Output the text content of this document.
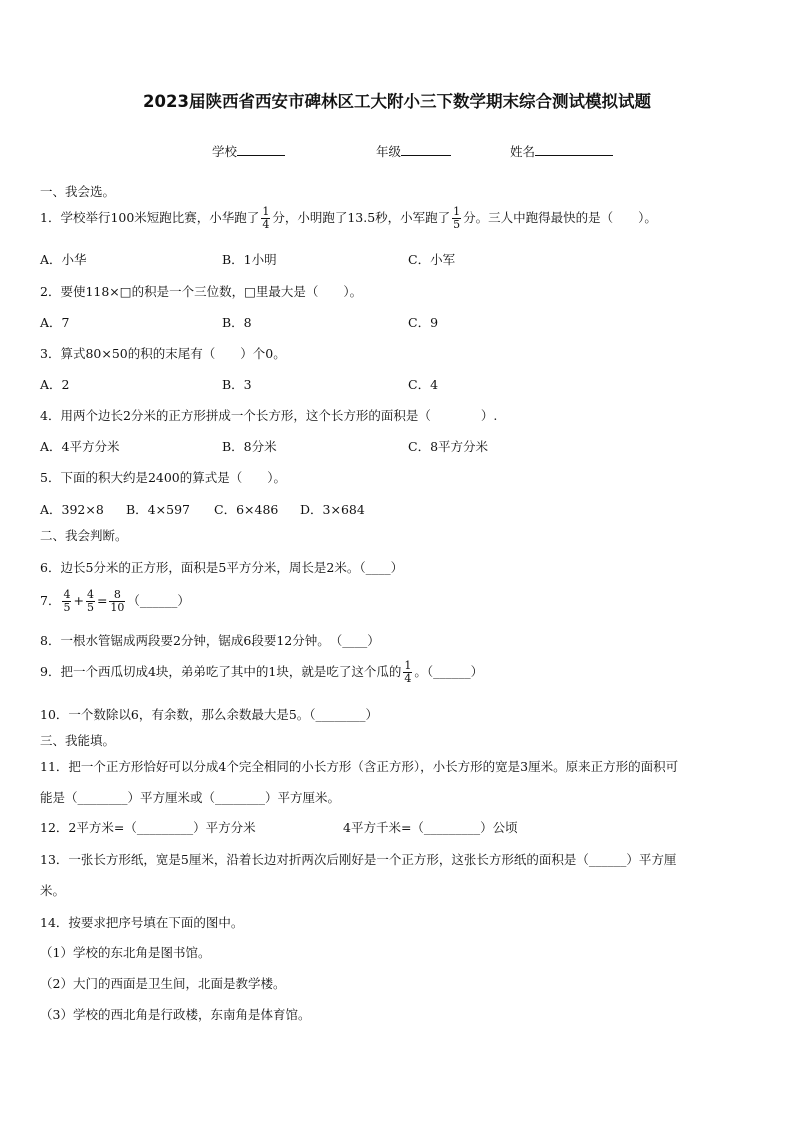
2023届陕西省西安市碑林区工大附小三下数学期末综合测试模拟试题
学校	年级	姓名
一、我会选。
1．学校举行100米短跑比赛，小华跑了 $\frac{1}{4}$ 分，小明跑了13.5秒，小军跑了 $\frac{1}{5}$ 分。三人中跑得最快的是（　　）。
A．小华	B．1小明	C．小军
2．要使118×□的积是一个三位数，□里最大是（　　）。
A．7	B．8	C．9
3．算式80×50的积的末尾有（　　）个0。
A．2	B．3	C．4
4．用两个边长2分米的正方形拼成一个长方形，这个长方形的面积是（　　　　）.
A．4平方分米	B．8分米	C．8平方分米
5．下面的积大约是2400的算式是（　　）。
A．392×8 B．4×597 C．6×486 D．3×684
二、我会判断。
6．边长5分米的正方形，面积是5平方分米，周长是2米。（____）
7． $\frac{4}{5} + \frac{4}{5} = \frac{8}{10}$ （______）
8．一根水管锯成两段要2分钟，锯成6段要12分钟。　（____）
9．把一个西瓜切成4块，弟弟吃了其中的1块，就是吃了这个瓜的 $\frac{1}{4}$ 。（______）
10．一个数除以6，有余数，那么余数最大是5。（________）
三、我能填。
11．把一个正方形恰好可以分成4个完全相同的小长方形（含正方形），小长方形的宽是3厘米。原来正方形的面积可
能是（________）平方厘米或（________）平方厘米。
12．2平方米=（_________）平方分米	4平方千米=（_________）公顷
13．一张长方形纸，宽是5厘米，沿着长边对折两次后刚好是一个正方形，这张长方形纸的面积是（______）平方厘
米。
14．按要求把序号填在下面的图中。
（1）学校的东北角是图书馆。
（2）大门的西面是卫生间，北面是教学楼。
（3）学校的西北角是行政楼，东南角是体育馆。
